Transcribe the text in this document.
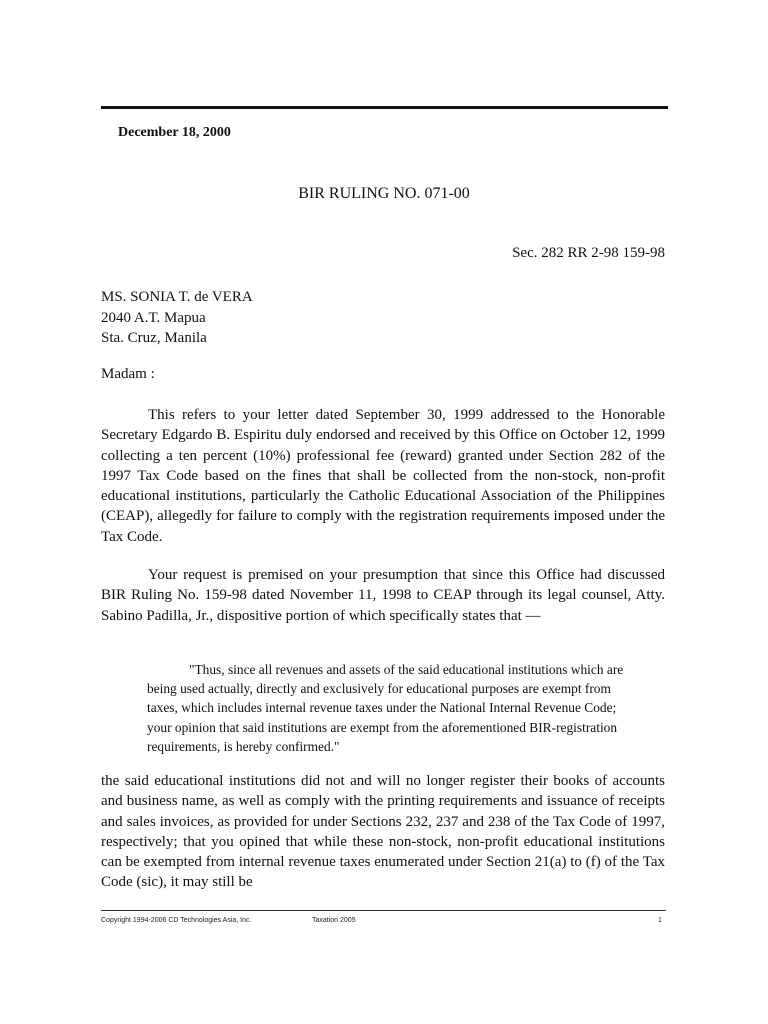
December 18, 2000
BIR RULING NO. 071-00
Sec. 282 RR 2-98 159-98
MS. SONIA T. de VERA
2040 A.T. Mapua
Sta. Cruz, Manila
Madam :

This refers to your letter dated September 30, 1999 addressed to the Honorable Secretary Edgardo B. Espiritu duly endorsed and received by this Office on October 12, 1999 collecting a ten percent (10%) professional fee (reward) granted under Section 282 of the 1997 Tax Code based on the fines that shall be collected from the non-stock, non-profit educational institutions, particularly the Catholic Educational Association of the Philippines (CEAP), allegedly for failure to comply with the registration requirements imposed under the Tax Code.

Your request is premised on your presumption that since this Office had discussed BIR Ruling No. 159-98 dated November 11, 1998 to CEAP through its legal counsel, Atty. Sabino Padilla, Jr., dispositive portion of which specifically states that —

"Thus, since all revenues and assets of the said educational institutions which are being used actually, directly and exclusively for educational purposes are exempt from taxes, which includes internal revenue taxes under the National Internal Revenue Code; your opinion that said institutions are exempt from the aforementioned BIR-registration requirements, is hereby confirmed."

the said educational institutions did not and will no longer register their books of accounts and business name, as well as comply with the printing requirements and issuance of receipts and sales invoices, as provided for under Sections 232, 237 and 238 of the Tax Code of 1997, respectively; that you opined that while these non-stock, non-profit educational institutions can be exempted from internal revenue taxes enumerated under Section 21(a) to (f) of the Tax Code (sic), it may still be

Copyright 1994-2006 CD Technologies Asia, Inc.	Taxation 2005	1
